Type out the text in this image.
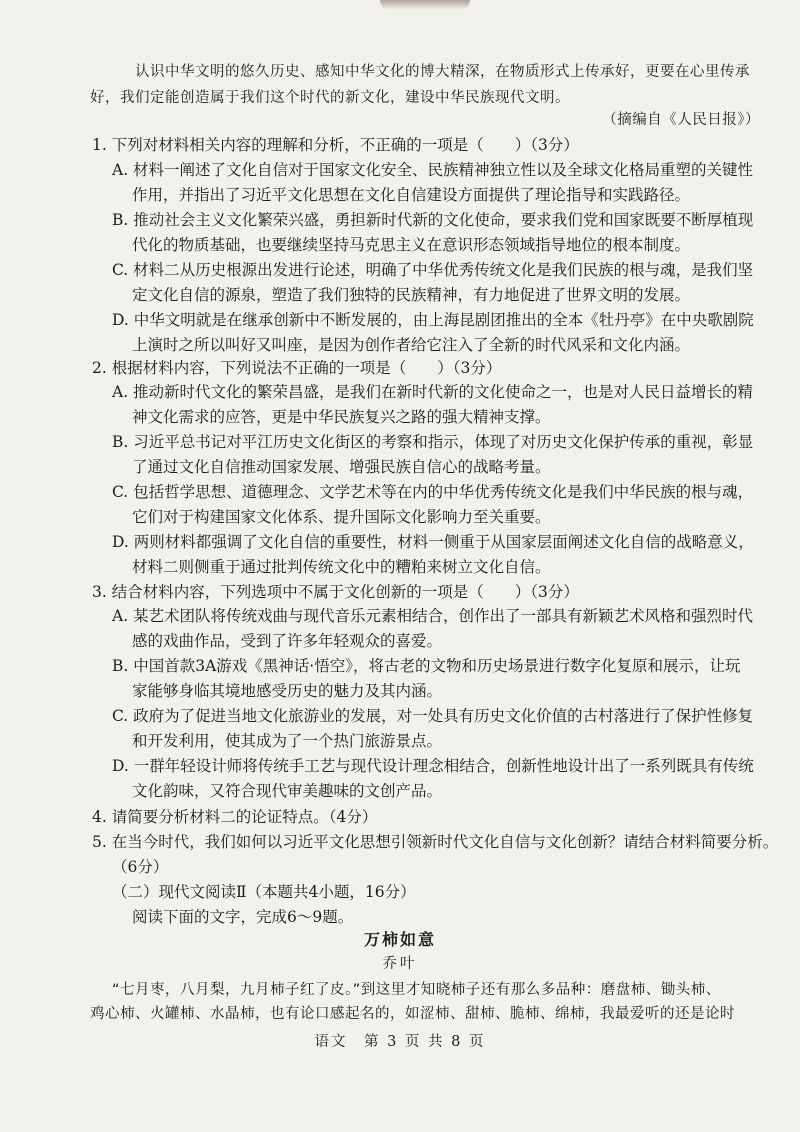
认识中华文明的悠久历史、感知中华文化的博大精深，在物质形式上传承好，更要在心里传承
好，我们定能创造属于我们这个时代的新文化，建设中华民族现代文明。
（摘编自《人民日报》）
1. 下列对材料相关内容的理解和分析，不正确的一项是（　　）（3分）
A. 材料一阐述了文化自信对于国家文化安全、民族精神独立性以及全球文化格局重塑的关键性
作用，并指出了习近平文化思想在文化自信建设方面提供了理论指导和实践路径。
B. 推动社会主义文化繁荣兴盛，勇担新时代新的文化使命，要求我们党和国家既要不断厚植现
代化的物质基础，也要继续坚持马克思主义在意识形态领域指导地位的根本制度。
C. 材料二从历史根源出发进行论述，明确了中华优秀传统文化是我们民族的根与魂，是我们坚
定文化自信的源泉，塑造了我们独特的民族精神，有力地促进了世界文明的发展。
D. 中华文明就是在继承创新中不断发展的，由上海昆剧团推出的全本《牡丹亭》在中央歌剧院
上演时之所以叫好又叫座，是因为创作者给它注入了全新的时代风采和文化内涵。
2. 根据材料内容，下列说法不正确的一项是（　　）（3分）
A. 推动新时代文化的繁荣昌盛，是我们在新时代新的文化使命之一，也是对人民日益增长的精
神文化需求的应答，更是中华民族复兴之路的强大精神支撑。
B. 习近平总书记对平江历史文化街区的考察和指示，体现了对历史文化保护传承的重视，彰显
了通过文化自信推动国家发展、增强民族自信心的战略考量。
C. 包括哲学思想、道德理念、文学艺术等在内的中华优秀传统文化是我们中华民族的根与魂，
它们对于构建国家文化体系、提升国际文化影响力至关重要。
D. 两则材料都强调了文化自信的重要性，材料一侧重于从国家层面阐述文化自信的战略意义，
材料二则侧重于通过批判传统文化中的糟粕来树立文化自信。
3. 结合材料内容，下列选项中不属于文化创新的一项是（　　）（3分）
A. 某艺术团队将传统戏曲与现代音乐元素相结合，创作出了一部具有新颖艺术风格和强烈时代
感的戏曲作品，受到了许多年轻观众的喜爱。
B. 中国首款3A游戏《黑神话·悟空》，将古老的文物和历史场景进行数字化复原和展示，让玩
家能够身临其境地感受历史的魅力及其内涵。
C. 政府为了促进当地文化旅游业的发展，对一处具有历史文化价值的古村落进行了保护性修复
和开发利用，使其成为了一个热门旅游景点。
D. 一群年轻设计师将传统手工艺与现代设计理念相结合，创新性地设计出了一系列既具有传统
文化韵味，又符合现代审美趣味的文创产品。
4. 请简要分析材料二的论证特点。（4分）
5. 在当今时代，我们如何以习近平文化思想引领新时代文化自信与文化创新？请结合材料简要分析。
（6分）
（二）现代文阅读Ⅱ（本题共4小题，16分）
阅读下面的文字，完成6～9题。
万柿如意
乔叶
“七月枣，八月梨，九月柿子红了皮。”到这里才知晓柿子还有那么多品种：磨盘柿、锄头柿、
鸡心柿、火罐柿、水晶柿，也有论口感起名的，如涩柿、甜柿、脆柿、绵柿，我最爱听的还是论时
语文　第 3 页 共 8 页
